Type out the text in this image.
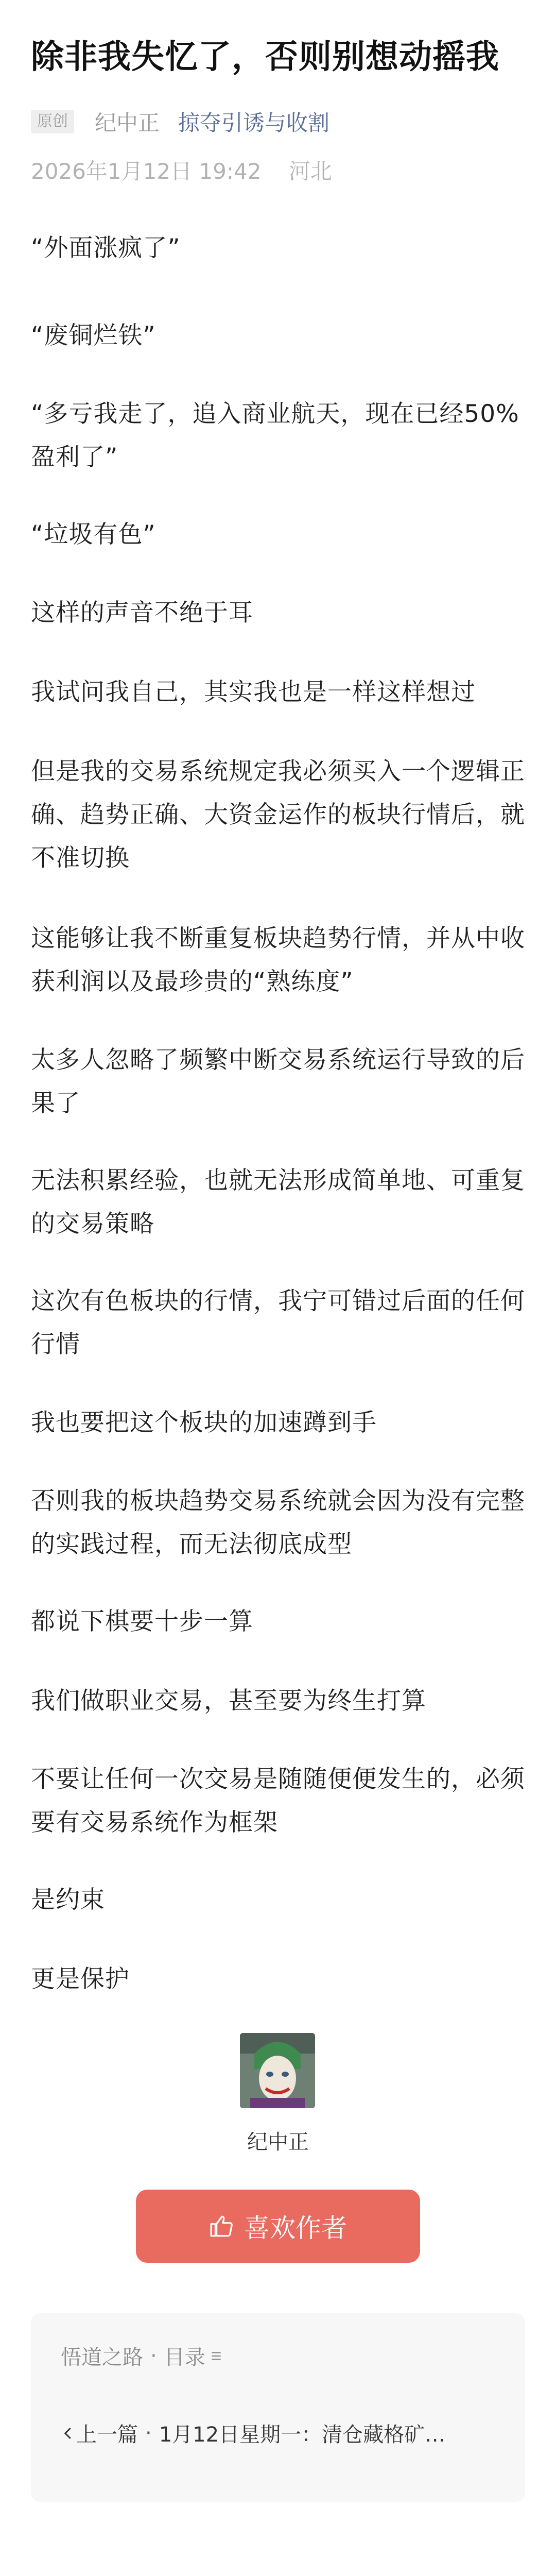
除非我失忆了，否则别想动摇我
原创 纪中正 掠夺引诱与收割
2026年1月12日 19:42 河北
“外面涨疯了”
“废铜烂铁”
“多亏我走了，追入商业航天，现在已经50%盈利了”
“垃圾有色”
这样的声音不绝于耳
我试问我自己，其实我也是一样这样想过
但是我的交易系统规定我必须买入一个逻辑正确、趋势正确、大资金运作的板块行情后，就不准切换
这能够让我不断重复板块趋势行情，并从中收获利润以及最珍贵的“熟练度”
太多人忽略了频繁中断交易系统运行导致的后果了
无法积累经验，也就无法形成简单地、可重复的交易策略
这次有色板块的行情，我宁可错过后面的任何行情
我也要把这个板块的加速蹲到手
否则我的板块趋势交易系统就会因为没有完整的实践过程，而无法彻底成型
都说下棋要十步一算
我们做职业交易，甚至要为终生打算
不要让任何一次交易是随随便便发生的，必须要有交易系统作为框架
是约束
更是保护
纪中正
喜欢作者
悟道之路 · 目录
上一篇 · 1月12日星期一：清仓藏格矿…
